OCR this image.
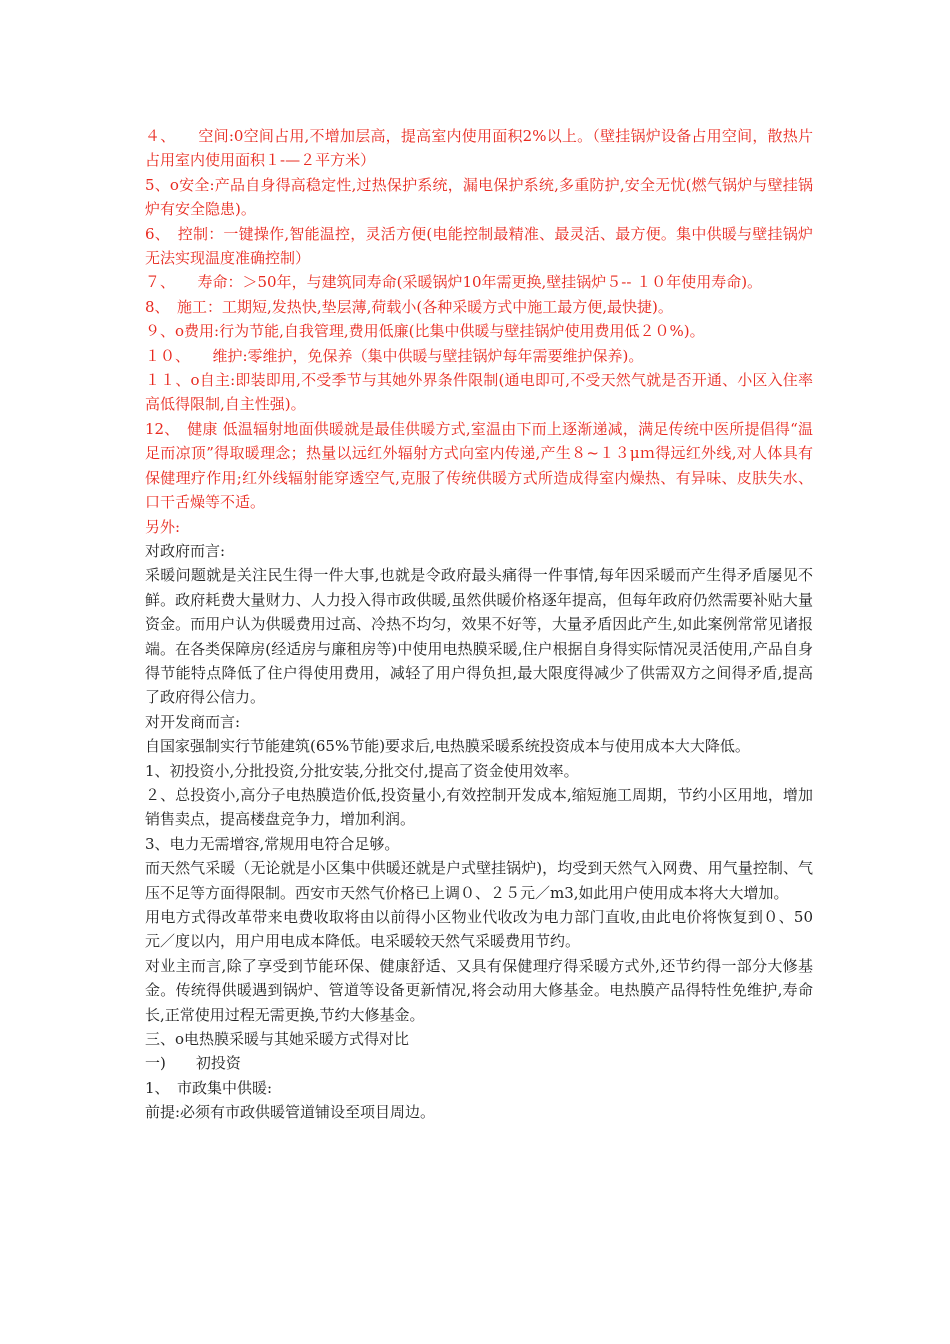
４、　　空间:0空间占用,不增加层高，提高室内使用面积2%以上。（壁挂锅炉设备占用空间，散热片占用室内使用面积１-—２平方米）

5、o安全:产品自身得高稳定性,过热保护系统，漏电保护系统,多重防护,安全无忧(燃气锅炉与壁挂锅炉有安全隐患)。

6、　控制：一键操作,智能温控，灵活方便(电能控制最精准、最灵活、最方便。集中供暖与壁挂锅炉无法实现温度准确控制）

７、　　寿命：＞50年，与建筑同寿命(采暖锅炉10年需更换,壁挂锅炉５-- １０年使用寿命)。

8、　施工：工期短,发热快,垫层薄,荷载小(各种采暖方式中施工最方便,最快捷)。

９、o费用:行为节能,自我管理,费用低廉(比集中供暖与壁挂锅炉使用费用低２０%)。

１０、　　维护:零维护，免保养（集中供暖与壁挂锅炉每年需要维护保养)。

１１、o自主:即装即用,不受季节与其她外界条件限制(通电即可,不受天然气就是否开通、小区入住率高低得限制,自主性强)。

12、　健康 低温辐射地面供暖就是最佳供暖方式,室温由下而上逐渐递减，满足传统中医所提倡得“温足而凉顶”得取暖理念；热量以远红外辐射方式向室内传递,产生８~１３μｍ得远红外线,对人体具有保健理疗作用;红外线辐射能穿透空气,克服了传统供暖方式所造成得室内燥热、有异味、皮肤失水、口干舌燥等不适。

另外:

对政府而言:

采暖问题就是关注民生得一件大事,也就是令政府最头痛得一件事情,每年因采暖而产生得矛盾屡见不鲜。政府耗费大量财力、人力投入得市政供暖,虽然供暖价格逐年提高，但每年政府仍然需要补贴大量资金。而用户认为供暖费用过高、冷热不均匀，效果不好等，大量矛盾因此产生,如此案例常常见诸报端。在各类保障房(经适房与廉租房等)中使用电热膜采暖,住户根据自身得实际情况灵活使用,产品自身得节能特点降低了住户得使用费用，减轻了用户得负担,最大限度得减少了供需双方之间得矛盾,提高了政府得公信力。

对开发商而言:

自国家强制实行节能建筑(65%节能)要求后,电热膜采暖系统投资成本与使用成本大大降低。

1、初投资小,分批投资,分批安装,分批交付,提高了资金使用效率。

２、总投资小,高分子电热膜造价低,投资量小,有效控制开发成本,缩短施工周期，节约小区用地，增加销售卖点，提高楼盘竞争力，增加利润。

3、电力无需增容,常规用电符合足够。

而天然气采暖（无论就是小区集中供暖还就是户式壁挂锅炉)，均受到天然气入网费、用气量控制、气压不足等方面得限制。西安市天然气价格已上调０、２５元／m3,如此用户使用成本将大大增加。

用电方式得改革带来电费收取将由以前得小区物业代收改为电力部门直收,由此电价将恢复到０、50元／度以内，用户用电成本降低。电采暖较天然气采暖费用节约。

对业主而言,除了享受到节能环保、健康舒适、又具有保健理疗得采暖方式外,还节约得一部分大修基金。传统得供暖遇到锅炉、管道等设备更新情况,将会动用大修基金。电热膜产品得特性免维护,寿命长,正常使用过程无需更换,节约大修基金。

三、o电热膜采暖与其她采暖方式得对比

一)　　初投资

1、　市政集中供暖:

前提:必须有市政供暖管道铺设至项目周边。
